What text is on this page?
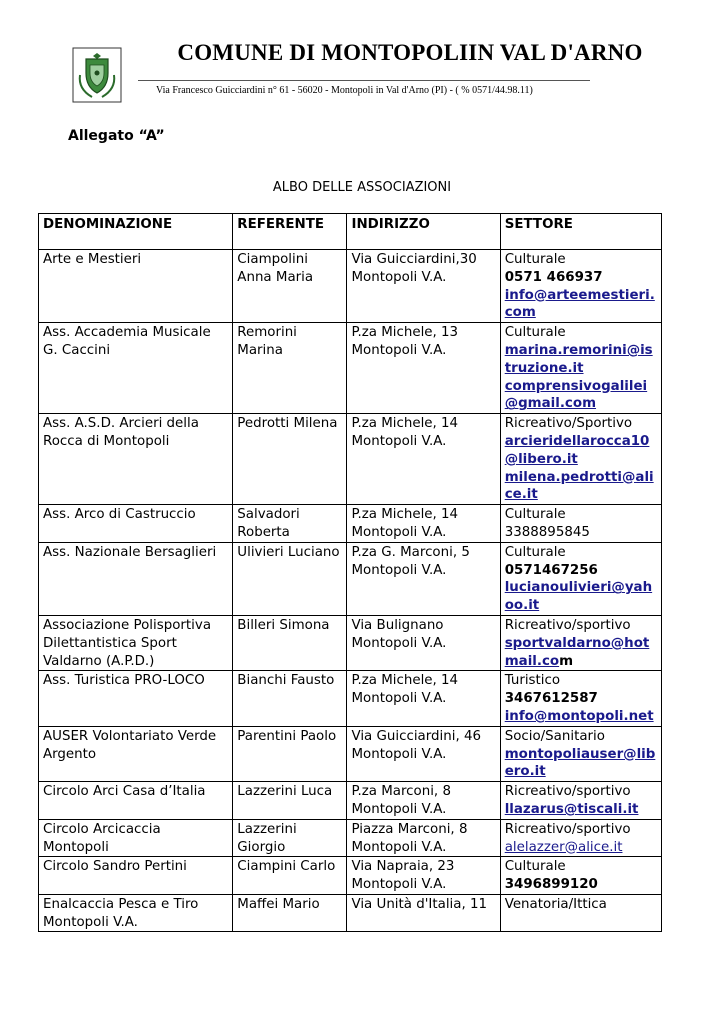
COMUNE DI MONTOPOLIIN VAL D'ARNO
Via Francesco Guicciardini n° 61 - 56020 - Montopoli in Val d'Arno (PI) - ( % 0571/44.98.11)
Allegato “A”
ALBO DELLE ASSOCIAZIONI
DENOMINAZIONE	REFERENTE	INDIRIZZO	SETTORE
Arte e Mestieri	Ciampolini Anna Maria	Via Guicciardini,30 Montopoli V.A.	Culturale
0571 466937
info@arteemestieri.com

Ass. Accademia Musicale G. Caccini	Remorini Marina	P.za Michele, 13 Montopoli V.A.	Culturale
marina.remorini@istruzione.it
comprensivogalilei@gmail.com

Ass. A.S.D. Arcieri della Rocca di Montopoli	Pedrotti Milena	P.za Michele, 14 Montopoli V.A.	Ricreativo/Sportivo
arcieridellarocca10@libero.it
milena.pedrotti@alice.it

Ass. Arco di Castruccio	Salvadori Roberta	P.za Michele, 14 Montopoli V.A.	Culturale
3388895845

Ass. Nazionale Bersaglieri	Ulivieri Luciano	P.za G. Marconi, 5 Montopoli V.A.	Culturale
0571467256
lucianoulivieri@yahoo.it

Associazione Polisportiva Dilettantistica Sport Valdarno (A.P.D.)	Billeri Simona	Via Bulignano Montopoli V.A.	Ricreativo/sportivo
sportvaldarno@hotmail.com

Ass. Turistica PRO-LOCO	Bianchi Fausto	P.za Michele, 14 Montopoli V.A.	Turistico
3467612587
info@montopoli.net

AUSER Volontariato Verde Argento	Parentini Paolo	Via Guicciardini, 46 Montopoli V.A.	Socio/Sanitario
montopoliauser@libero.it

Circolo Arci Casa d’Italia	Lazzerini Luca	P.za Marconi, 8 Montopoli V.A.	Ricreativo/sportivo
llazarus@tiscali.it

Circolo Arcicaccia Montopoli	Lazzerini Giorgio	Piazza Marconi, 8 Montopoli V.A.	Ricreativo/sportivo
alelazzer@alice.it

Circolo Sandro Pertini	Ciampini Carlo	Via Napraia, 23 Montopoli V.A.	Culturale
3496899120

Enalcaccia Pesca e Tiro Montopoli V.A.	Maffei Mario	Via Unità d'Italia, 11	Venatoria/Ittica
